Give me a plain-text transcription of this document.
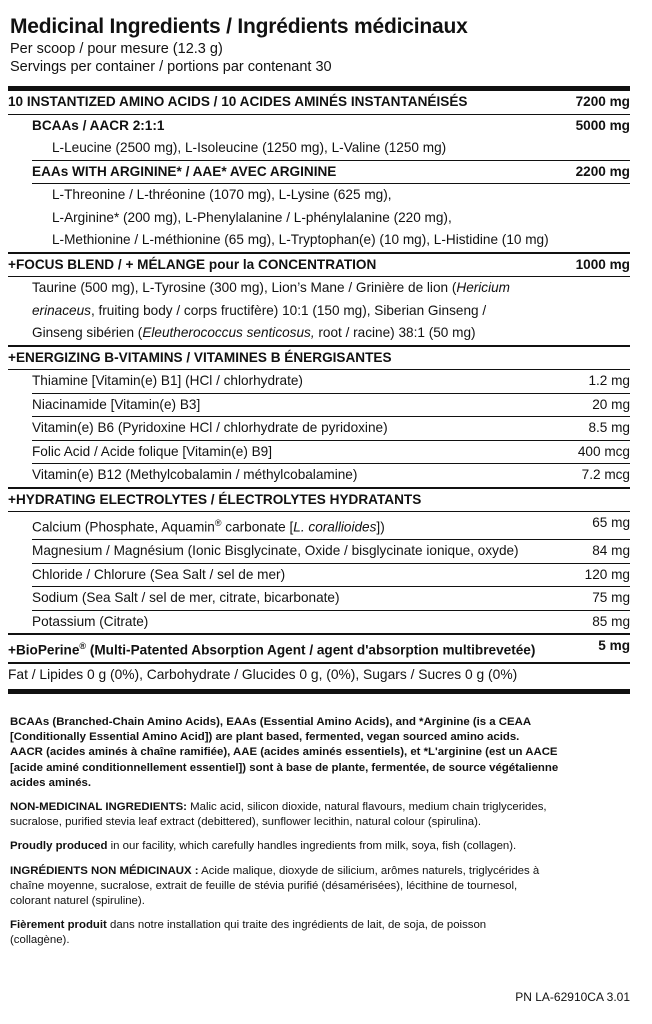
Medicinal Ingredients / Ingrédients médicinaux
Per scoop / pour mesure (12.3 g)
Servings per container / portions par contenant 30
10 INSTANTIZED AMINO ACIDS / 10 ACIDES AMINÉS INSTANTANÉISÉS	7200 mg
BCAAs / AACR 2:1:1	5000 mg
L-Leucine (2500 mg), L-Isoleucine (1250 mg), L-Valine (1250 mg)
EAAs WITH ARGININE* / AAE* AVEC ARGININE	2200 mg
L-Threonine / L-thréonine (1070 mg), L-Lysine (625 mg),
L-Arginine* (200 mg), L-Phenylalanine / L-phénylalanine (220 mg),
L-Methionine / L-méthionine (65 mg), L-Tryptophan(e) (10 mg), L-Histidine (10 mg)
+FOCUS BLEND / + MÉLANGE pour la CONCENTRATION	1000 mg
Taurine (500 mg), L-Tyrosine (300 mg), Lion’s Mane / Grinière de lion (Hericium
erinaceus, fruiting body / corps fructifère) 10:1 (150 mg), Siberian Ginseng /
Ginseng sibérien (Eleutherococcus senticosus, root / racine) 38:1 (50 mg)
+ENERGIZING B-VITAMINS / VITAMINES B ÉNERGISANTES
Thiamine [Vitamin(e) B1] (HCl / chlorhydrate)	1.2 mg
Niacinamide [Vitamin(e) B3]	20 mg
Vitamin(e) B6 (Pyridoxine HCl / chlorhydrate de pyridoxine)	8.5 mg
Folic Acid / Acide folique [Vitamin(e) B9]	400 mcg
Vitamin(e) B12 (Methylcobalamin / méthylcobalamine)	7.2 mcg
+HYDRATING ELECTROLYTES / ÉLECTROLYTES HYDRATANTS
Calcium (Phosphate, Aquamin® carbonate [L. corallioides])	65 mg
Magnesium / Magnésium (Ionic Bisglycinate, Oxide / bisglycinate ionique, oxyde)	84 mg
Chloride / Chlorure (Sea Salt / sel de mer)	120 mg
Sodium (Sea Salt / sel de mer, citrate, bicarbonate)	75 mg
Potassium (Citrate)	85 mg
+BioPerine® (Multi-Patented Absorption Agent / agent d'absorption multibrevetée)	5 mg
Fat / Lipides 0 g (0%), Carbohydrate / Glucides 0 g, (0%), Sugars / Sucres 0 g (0%)

BCAAs (Branched-Chain Amino Acids), EAAs (Essential Amino Acids), and *Arginine (is a CEAA
[Conditionally Essential Amino Acid]) are plant based, fermented, vegan sourced amino acids.
AACR (acides aminés à chaîne ramifiée), AAE (acides aminés essentiels), et *L'arginine (est un AACE
[acide aminé conditionnellement essentiel]) sont à base de plante, fermentée, de source végétalienne
acides aminés.

NON-MEDICINAL INGREDIENTS: Malic acid, silicon dioxide, natural flavours, medium chain triglycerides,
sucralose, purified stevia leaf extract (debittered), sunflower lecithin, natural colour (spirulina).

Proudly produced in our facility, which carefully handles ingredients from milk, soya, fish (collagen).

INGRÉDIENTS NON MÉDICINAUX : Acide malique, dioxyde de silicium, arômes naturels, triglycérides à
chaîne moyenne, sucralose, extrait de feuille de stévia purifié (désamérisées), lécithine de tournesol,
colorant naturel (spiruline).

Fièrement produit dans notre installation qui traite des ingrédients de lait, de soja, de poisson
(collagène).

PN LA-62910CA 3.01
